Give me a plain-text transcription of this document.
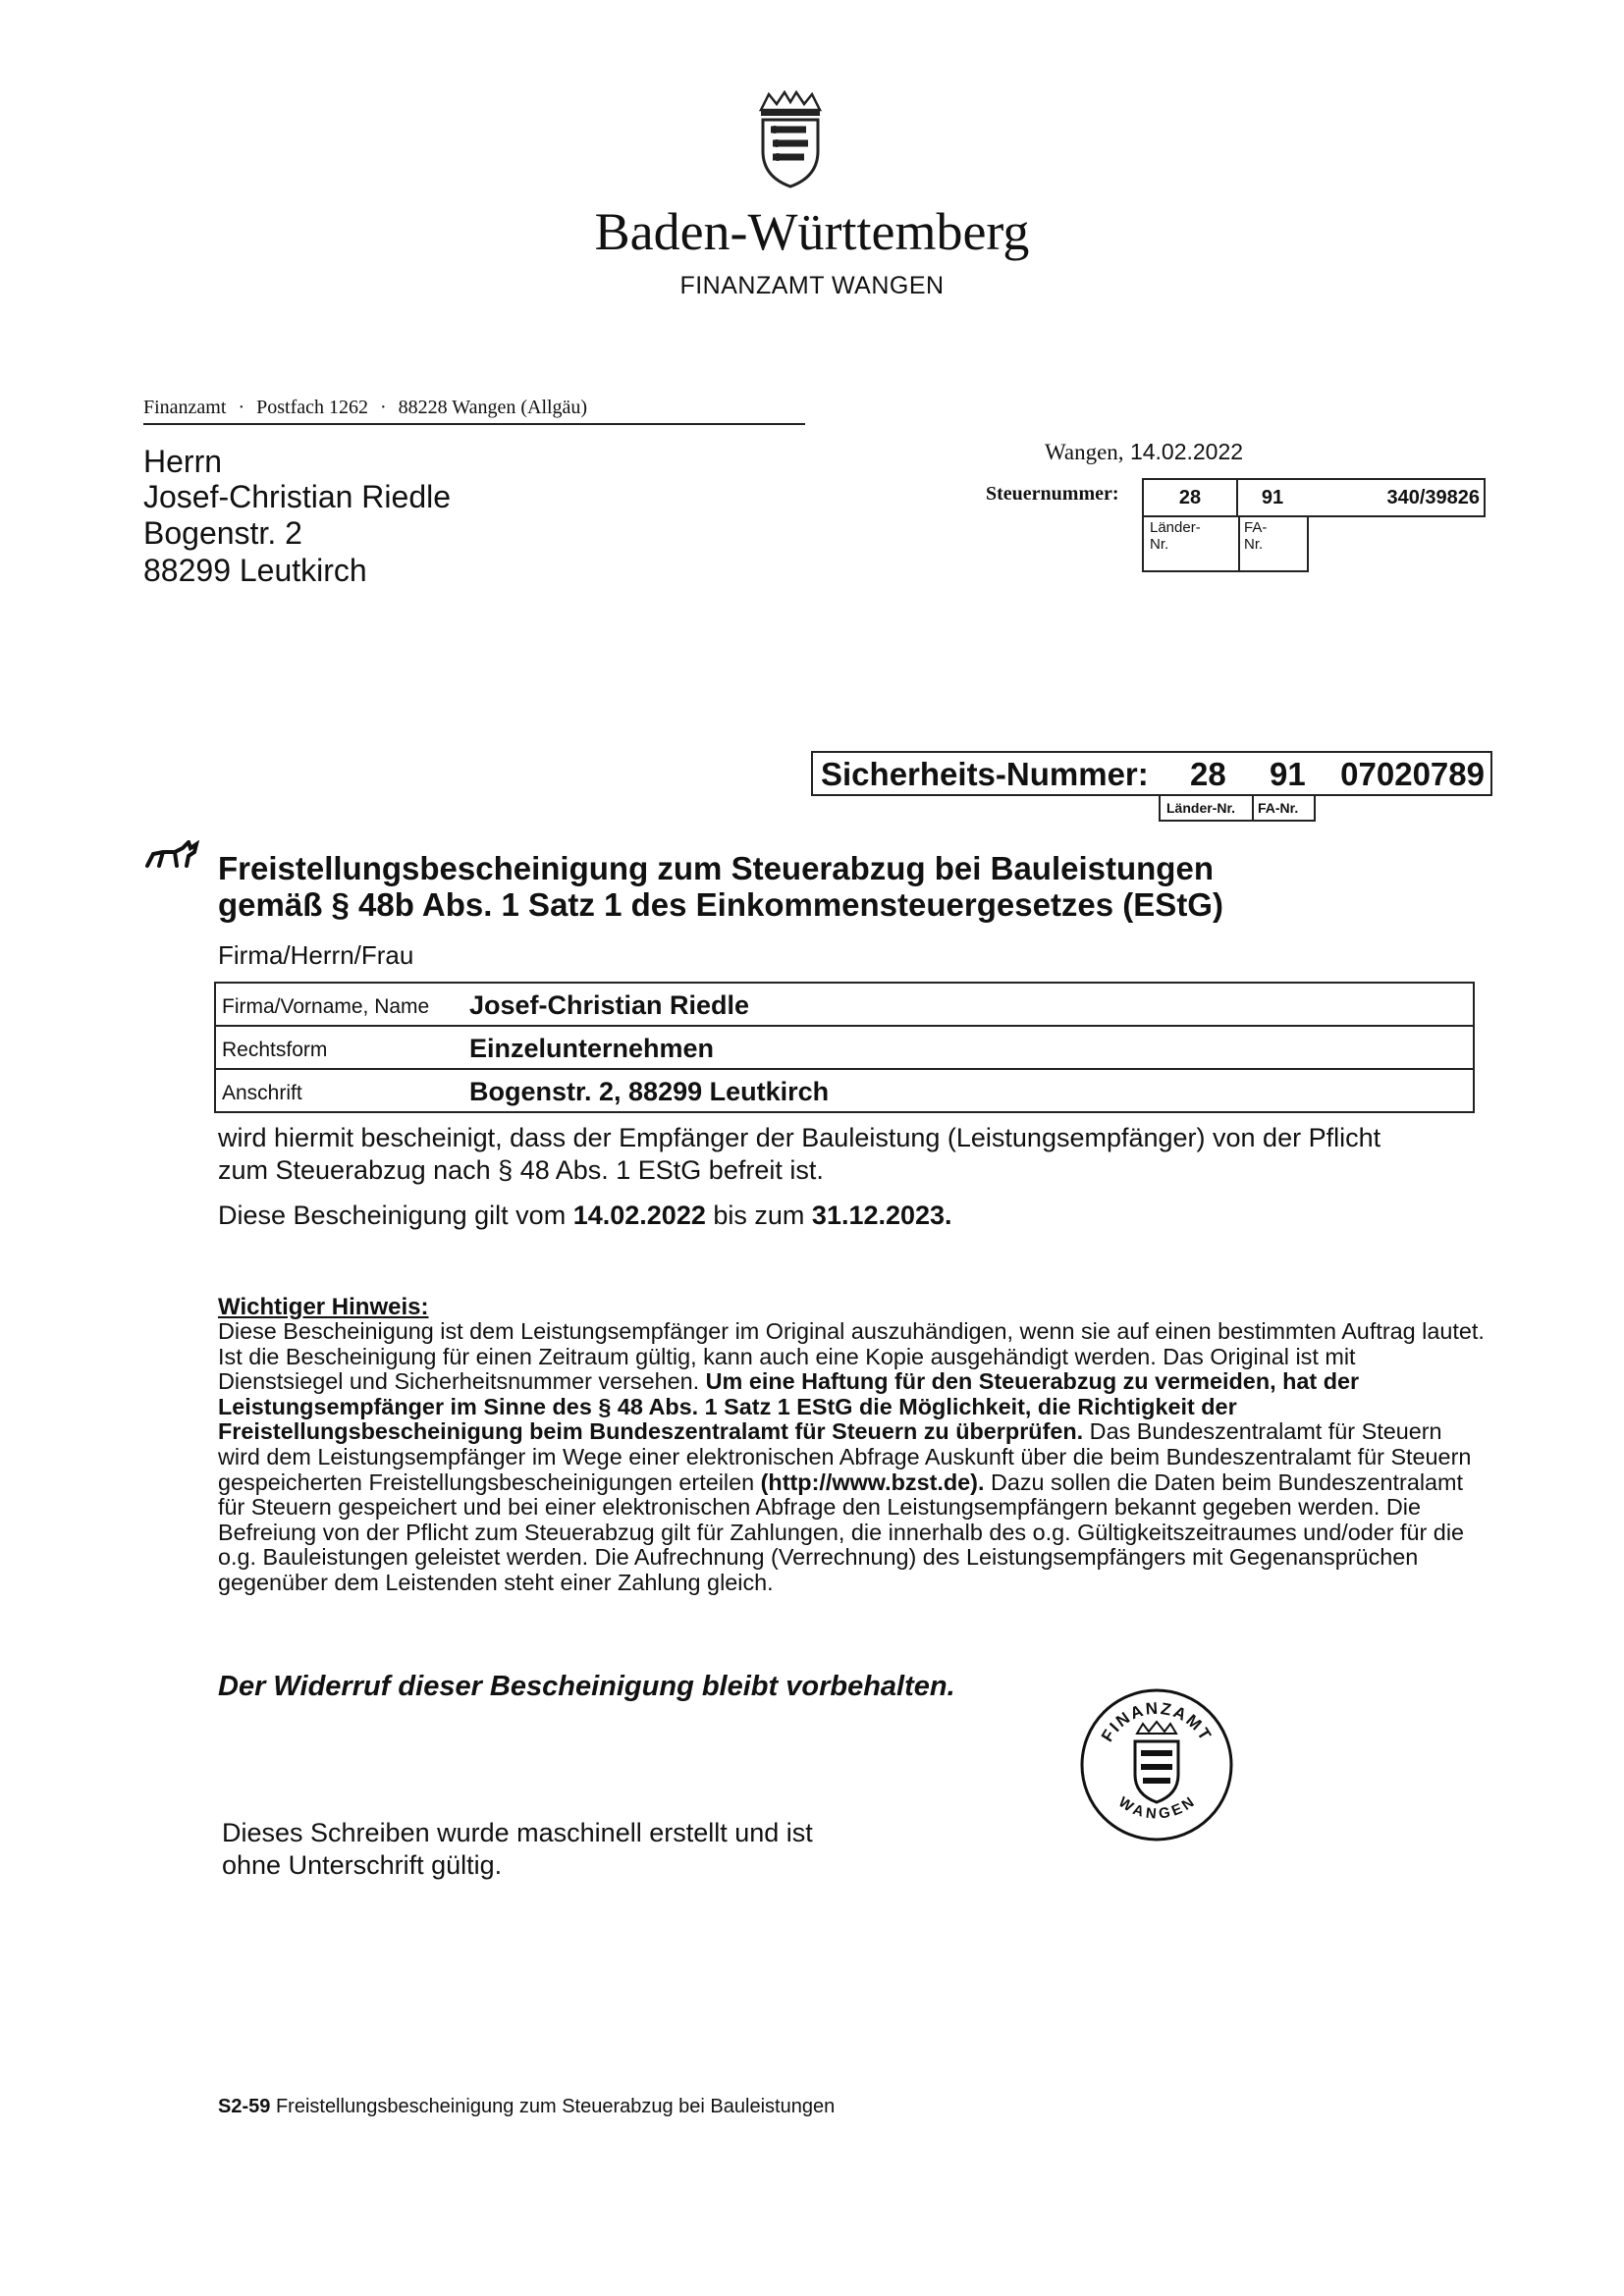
Baden-Württemberg
FINANZAMT WANGEN
Finanzamt · Postfach 1262 · 88228 Wangen (Allgäu)
Herrn
Josef-Christian Riedle
Bogenstr. 2
88299 Leutkirch
Wangen, 14.02.2022
Steuernummer:	28	91	340/39826
Länder-
Nr.
FA-
Nr.
Sicherheits-Nummer: 28 91 07020789
Länder-Nr. FA-Nr.
Freistellungsbescheinigung zum Steuerabzug bei Bauleistungen
gemäß § 48b Abs. 1 Satz 1 des Einkommensteuergesetzes (EStG)
Firma/Herrn/Frau
Firma/Vorname, Name Josef-Christian Riedle
Rechtsform	Einzelunternehmen
Anschrift	Bogenstr. 2, 88299 Leutkirch
wird hiermit bescheinigt, dass der Empfänger der Bauleistung (Leistungsempfänger) von der Pflicht
zum Steuerabzug nach § 48 Abs. 1 EStG befreit ist.
Diese Bescheinigung gilt vom 14.02.2022 bis zum 31.12.2023.
Wichtiger Hinweis:

Diese Bescheinigung ist dem Leistungsempfänger im Original auszuhändigen, wenn sie auf einen bestimmten Auftrag lautet. Ist die Bescheinigung für einen Zeitraum gültig, kann auch eine Kopie ausgehändigt werden. Das Original ist mit Dienstsiegel und Sicherheitsnummer versehen. Um eine Haftung für den Steuerabzug zu vermeiden, hat der Leistungsempfänger im Sinne des § 48 Abs. 1 Satz 1 EStG die Möglichkeit, die Richtigkeit der Freistellungsbescheinigung beim Bundeszentralamt für Steuern zu überprüfen. Das Bundeszentralamt für Steuern wird dem Leistungsempfänger im Wege einer elektronischen Abfrage Auskunft über die beim Bundeszentralamt für Steuern gespeicherten Freistellungsbescheinigungen erteilen (http://www.bzst.de). Dazu sollen die Daten beim Bundeszentralamt für Steuern gespeichert und bei einer elektronischen Abfrage den Leistungsempfängern bekannt gegeben werden. Die Befreiung von der Pflicht zum Steuerabzug gilt für Zahlungen, die innerhalb des o.g. Gültigkeitszeitraumes und/oder für die o.g. Bauleistungen geleistet werden. Die Aufrechnung (Verrechnung) des Leistungsempfängers mit Gegenansprüchen gegenüber dem Leistenden steht einer Zahlung gleich.

Der Widerruf dieser Bescheinigung bleibt vorbehalten.
FINANZAMT
WANGEN
Dieses Schreiben wurde maschinell erstellt und ist
ohne Unterschrift gültig.
S2-59 Freistellungsbescheinigung zum Steuerabzug bei Bauleistungen
